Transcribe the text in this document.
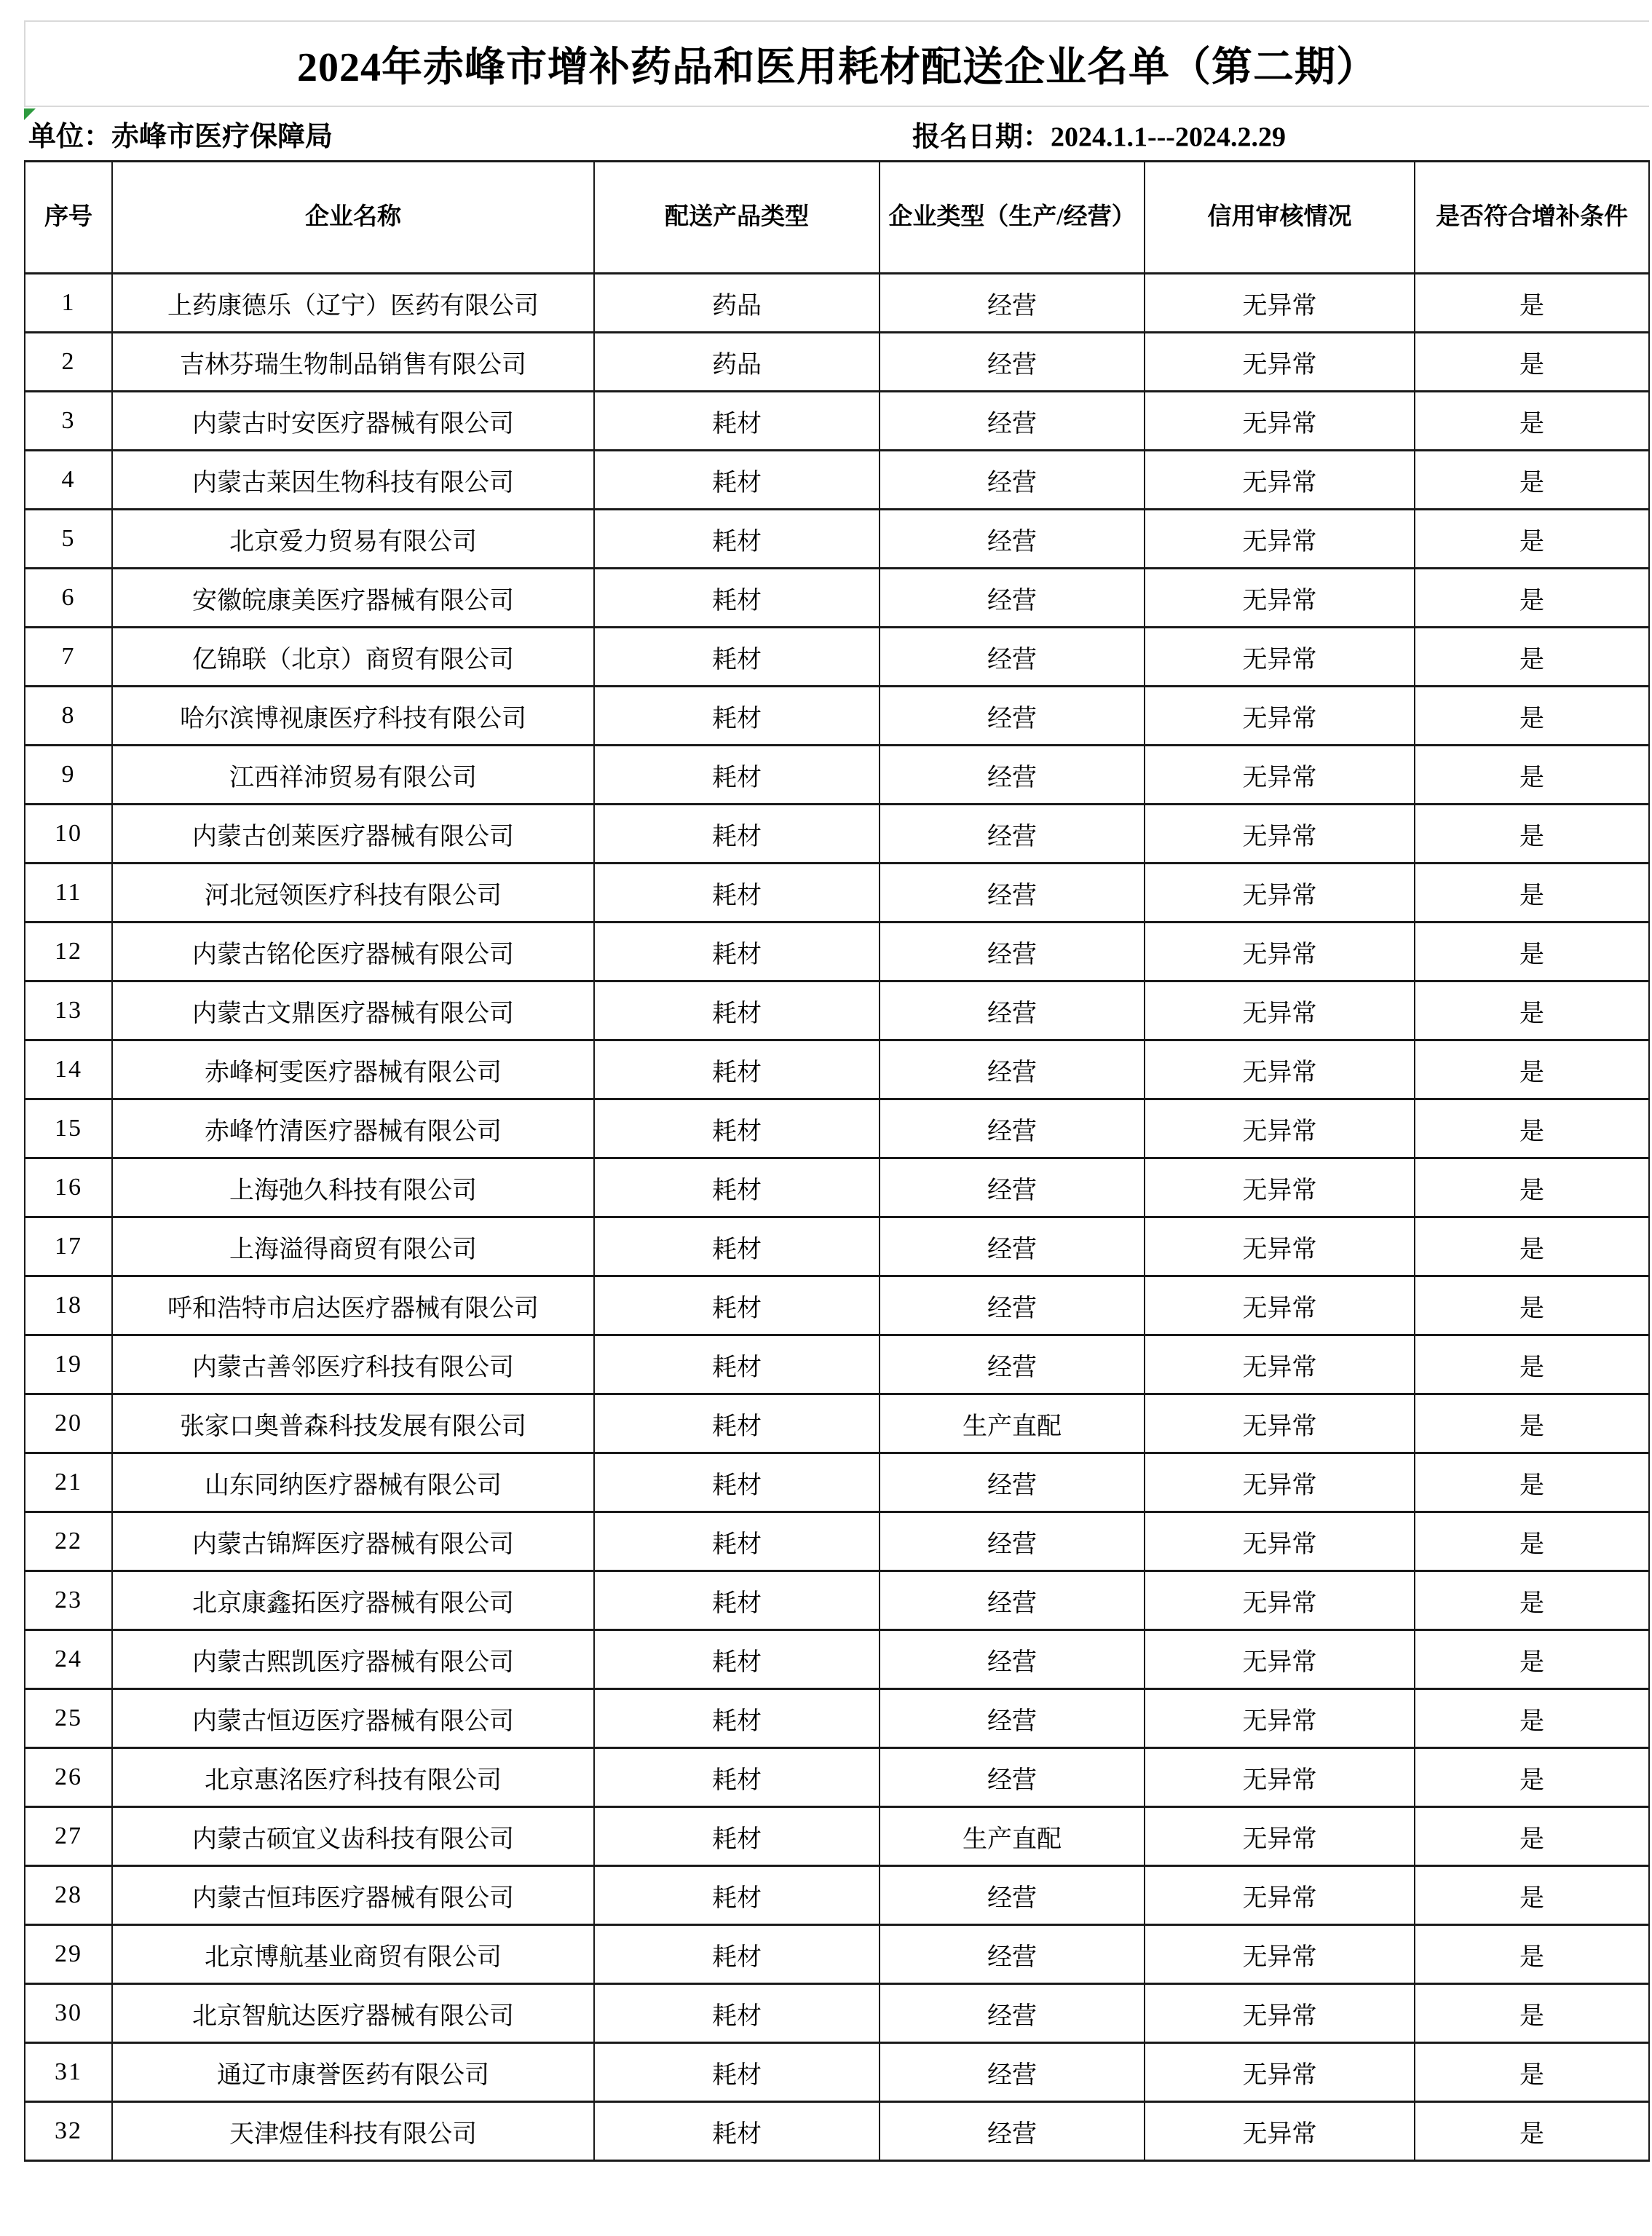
2024年赤峰市增补药品和医用耗材配送企业名单（第二期）
单位：赤峰市医疗保障局	报名日期：2024.1.1---2024.2.29
序号	企业名称	配送产品类型	企业类型（生产/经营）	信用审核情况	是否符合增补条件
1	上药康德乐（辽宁）医药有限公司	药品	经营	无异常	是
2	吉林芬瑞生物制品销售有限公司	药品	经营	无异常	是
3	内蒙古时安医疗器械有限公司	耗材	经营	无异常	是
4	内蒙古莱因生物科技有限公司	耗材	经营	无异常	是
5	北京爱力贸易有限公司	耗材	经营	无异常	是
6	安徽皖康美医疗器械有限公司	耗材	经营	无异常	是
7	亿锦联（北京）商贸有限公司	耗材	经营	无异常	是
8	哈尔滨博视康医疗科技有限公司	耗材	经营	无异常	是
9	江西祥沛贸易有限公司	耗材	经营	无异常	是
10	内蒙古创莱医疗器械有限公司	耗材	经营	无异常	是
11	河北冠领医疗科技有限公司	耗材	经营	无异常	是
12	内蒙古铭伦医疗器械有限公司	耗材	经营	无异常	是
13	内蒙古文鼎医疗器械有限公司	耗材	经营	无异常	是
14	赤峰柯雯医疗器械有限公司	耗材	经营	无异常	是
15	赤峰竹清医疗器械有限公司	耗材	经营	无异常	是
16	上海弛久科技有限公司	耗材	经营	无异常	是
17	上海溢得商贸有限公司	耗材	经营	无异常	是
18	呼和浩特市启达医疗器械有限公司	耗材	经营	无异常	是
19	内蒙古善邻医疗科技有限公司	耗材	经营	无异常	是
20	张家口奥普森科技发展有限公司	耗材	生产直配	无异常	是
21	山东同纳医疗器械有限公司	耗材	经营	无异常	是
22	内蒙古锦辉医疗器械有限公司	耗材	经营	无异常	是
23	北京康鑫拓医疗器械有限公司	耗材	经营	无异常	是
24	内蒙古熙凯医疗器械有限公司	耗材	经营	无异常	是
25	内蒙古恒迈医疗器械有限公司	耗材	经营	无异常	是
26	北京惠洺医疗科技有限公司	耗材	经营	无异常	是
27	内蒙古硕宜义齿科技有限公司	耗材	生产直配	无异常	是
28	内蒙古恒玮医疗器械有限公司	耗材	经营	无异常	是
29	北京博航基业商贸有限公司	耗材	经营	无异常	是
30	北京智航达医疗器械有限公司	耗材	经营	无异常	是
31	通辽市康誉医药有限公司	耗材	经营	无异常	是
32	天津煜佳科技有限公司	耗材	经营	无异常	是
